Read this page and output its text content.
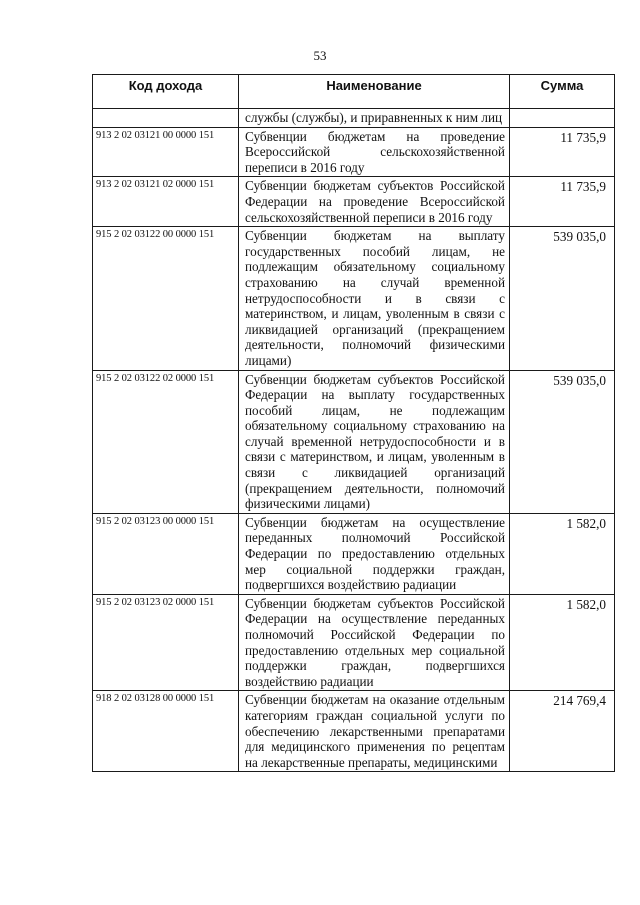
53
Код дохода	Наименование	Сумма
	службы (службы), и приравненных к ним лиц	
913 2 02 03121 00 0000 151	Субвенции бюджетам на проведение Всероссийской сельскохозяйственной переписи в 2016 году	11 735,9
913 2 02 03121 02 0000 151	Субвенции бюджетам субъектов Российской Федерации на проведение Всероссийской сельскохозяйственной переписи в 2016 году	11 735,9
915 2 02 03122 00 0000 151	Субвенции бюджетам на выплату государственных пособий лицам, не подлежащим обязательному социальному страхованию на случай временной нетрудоспособности и в связи с материнством, и лицам, уволенным в связи с ликвидацией организаций (прекращением деятельности, полномочий физическими лицами)	539 035,0
915 2 02 03122 02 0000 151	Субвенции бюджетам субъектов Российской Федерации на выплату государственных пособий лицам, не подлежащим обязательному социальному страхованию на случай временной нетрудоспособности и в связи с материнством, и лицам, уволенным в связи с ликвидацией организаций (прекращением деятельности, полномочий физическими лицами)	539 035,0
915 2 02 03123 00 0000 151	Субвенции бюджетам на осуществление переданных полномочий Российской Федерации по предоставлению отдельных мер социальной поддержки граждан, подвергшихся воздействию радиации	1 582,0
915 2 02 03123 02 0000 151	Субвенции бюджетам субъектов Российской Федерации на осуществление переданных полномочий Российской Федерации по предоставлению отдельных мер социальной поддержки граждан, подвергшихся воздействию радиации	1 582,0
918 2 02 03128 00 0000 151	Субвенции бюджетам на оказание отдельным категориям граждан социальной услуги по обеспечению лекарственными препаратами для медицинского применения по рецептам на лекарственные препараты, медицинскими	214 769,4
